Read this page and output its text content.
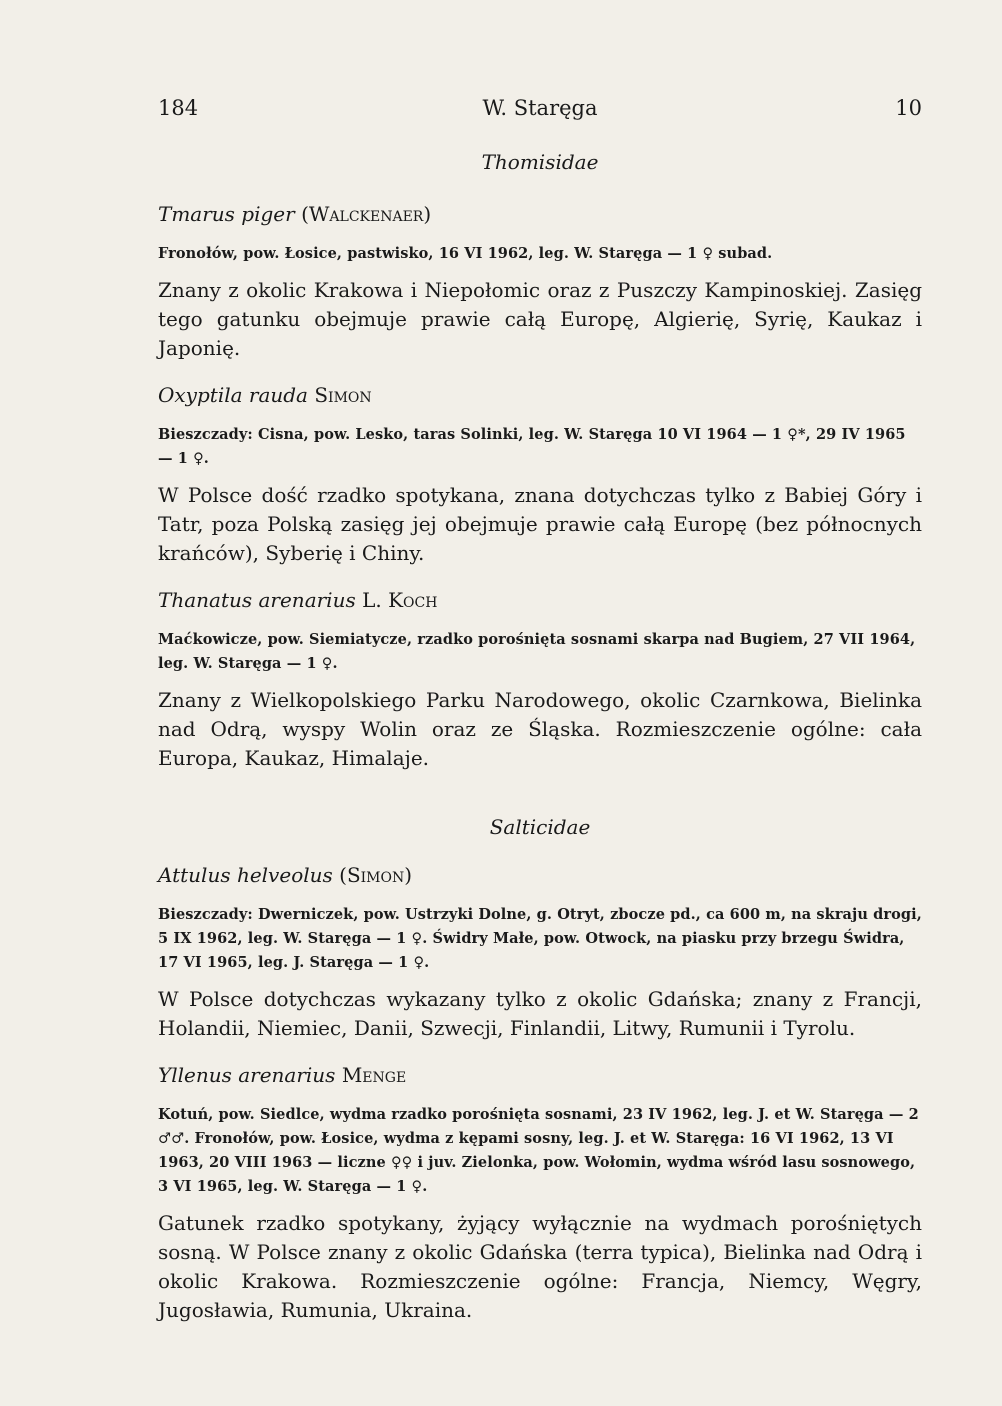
184	W. Staręga	10
Thomisidae
Tmarus piger (Walckenaer)

Fronołów, pow. Łosice, pastwisko, 16 VI 1962, leg. W. Staręga — 1 ♀ subad.

Znany z okolic Krakowa i Niepołomic oraz z Puszczy Kampinoskiej. Zasięg tego gatunku obejmuje prawie całą Europę, Algierię, Syrię, Kaukaz i Japonię.

Oxyptila rauda Simon

Bieszczady: Cisna, pow. Lesko, taras Solinki, leg. W. Staręga 10 VI 1964 — 1 ♀*, 29 IV 1965 — 1 ♀.

W Polsce dość rzadko spotykana, znana dotychczas tylko z Babiej Góry i Tatr, poza Polską zasięg jej obejmuje prawie całą Europę (bez północnych krańców), Syberię i Chiny.

Thanatus arenarius L. Koch

Maćkowicze, pow. Siemiatycze, rzadko porośnięta sosnami skarpa nad Bugiem, 27 VII 1964, leg. W. Staręga — 1 ♀.

Znany z Wielkopolskiego Parku Narodowego, okolic Czarnkowa, Bielinka nad Odrą, wyspy Wolin oraz ze Śląska. Rozmieszczenie ogólne: cała Europa, Kaukaz, Himalaje.

Salticidae
Attulus helveolus (Simon)

Bieszczady: Dwerniczek, pow. Ustrzyki Dolne, g. Otryt, zbocze pd., ca 600 m, na skraju drogi, 5 IX 1962, leg. W. Staręga — 1 ♀. Świdry Małe, pow. Otwock, na piasku przy brzegu Świdra, 17 VI 1965, leg. J. Staręga — 1 ♀.

W Polsce dotychczas wykazany tylko z okolic Gdańska; znany z Francji, Holandii, Niemiec, Danii, Szwecji, Finlandii, Litwy, Rumunii i Tyrolu.

Yllenus arenarius Menge

Kotuń, pow. Siedlce, wydma rzadko porośnięta sosnami, 23 IV 1962, leg. J. et W. Staręga — 2 ♂♂. Fronołów, pow. Łosice, wydma z kępami sosny, leg. J. et W. Staręga: 16 VI 1962, 13 VI 1963, 20 VIII 1963 — liczne ♀♀ i juv. Zielonka, pow. Wołomin, wydma wśród lasu sosnowego, 3 VI 1965, leg. W. Staręga — 1 ♀.

Gatunek rzadko spotykany, żyjący wyłącznie na wydmach porośniętych sosną. W Polsce znany z okolic Gdańska (terra typica), Bielinka nad Odrą i okolic Krakowa. Rozmieszczenie ogólne: Francja, Niemcy, Węgry, Jugosławia, Rumunia, Ukraina.
